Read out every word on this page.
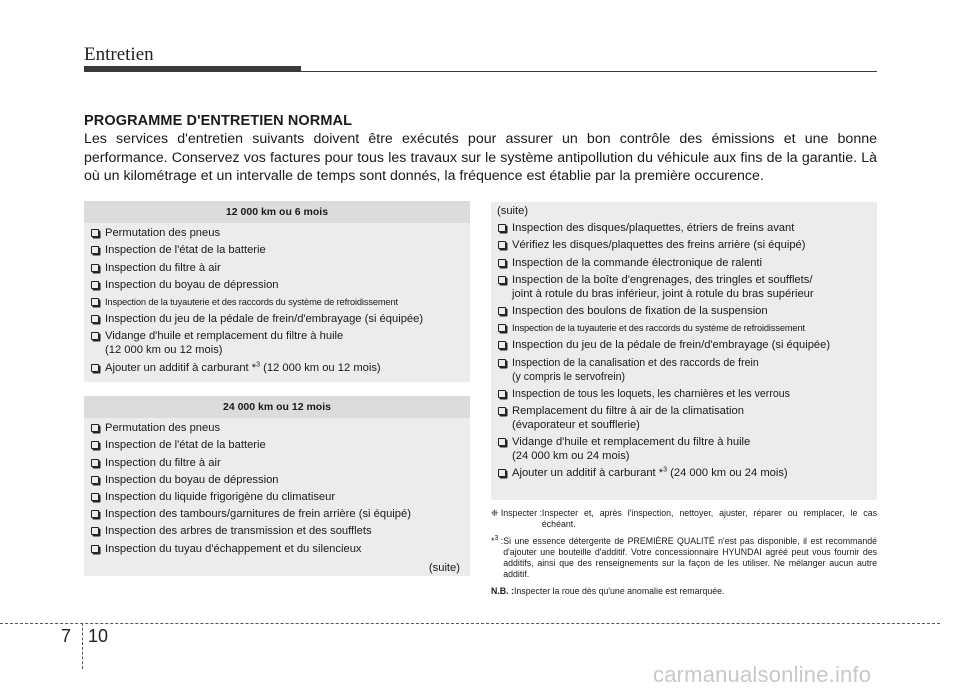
Entretien
PROGRAMME D'ENTRETIEN NORMAL
Les services d'entretien suivants doivent être exécutés pour assurer un bon contrôle des émissions et une bonne performance. Conservez vos factures pour tous les travaux sur le système antipollution du véhicule aux fins de la garantie. Là où un kilométrage et un intervalle de temps sont donnés, la fréquence est établie par la première occurence.
12 000 km ou 6 mois
Permutation des pneus
Inspection de l'état de la batterie
Inspection du filtre à air
Inspection du boyau de dépression
Inspection de la tuyauterie et des raccords du système de refroidissement
Inspection du jeu de la pédale de frein/d'embrayage (si équipée)
Vidange d'huile et remplacement du filtre à huile
(12 000 km ou 12 mois)
Ajouter un additif à carburant *$^3$ (12 000 km ou 12 mois)
24 000 km ou 12 mois
Permutation des pneus
Inspection de l'état de la batterie
Inspection du filtre à air
Inspection du boyau de dépression
Inspection du liquide frigorigène du climatiseur
Inspection des tambours/garnitures de frein arrière (si équipé)
Inspection des arbres de transmission et des soufflets
Inspection du tuyau d'échappement et du silencieux
(suite)
(suite)
Inspection des disques/plaquettes, étriers de freins avant
Vérifiez les disques/plaquettes des freins arrière (si équipé)
Inspection de la commande électronique de ralenti
Inspection de la boîte d'engrenages, des tringles et soufflets/
joint à rotule du bras inférieur, joint à rotule du bras supérieur
Inspection des boulons de fixation de la suspension
Inspection de la tuyauterie et des raccords du système de refroidissement
Inspection du jeu de la pédale de frein/d'embrayage (si équipée)
Inspection de la canalisation et des raccords de frein
(y compris le servofrein)
Inspection de tous les loquets, les charnières et les verrous
Remplacement du filtre à air de la climatisation
(évaporateur et soufflerie)
Vidange d'huile et remplacement du filtre à huile
(24 000 km ou 24 mois)
Ajouter un additif à carburant *$^3$ (24 000 km ou 24 mois)
❈ Inspecter : Inspecter et, après l'inspection, nettoyer, ajuster, réparer ou remplacer, le cas échéant.
*$^3$ : Si une essence détergente de PREMIÈRE QUALITÉ n'est pas disponible, il est recommandé d'ajouter une bouteille d'additif. Votre concessionnaire HYUNDAI agréé peut vous fournir des additifs, ainsi que des renseignements sur la façon de les utiliser. Ne mélanger aucun autre additif.
N.B. : Inspecter la roue dès qu'une anomalie est remarquée.
7 10
carmanualsonline.info
